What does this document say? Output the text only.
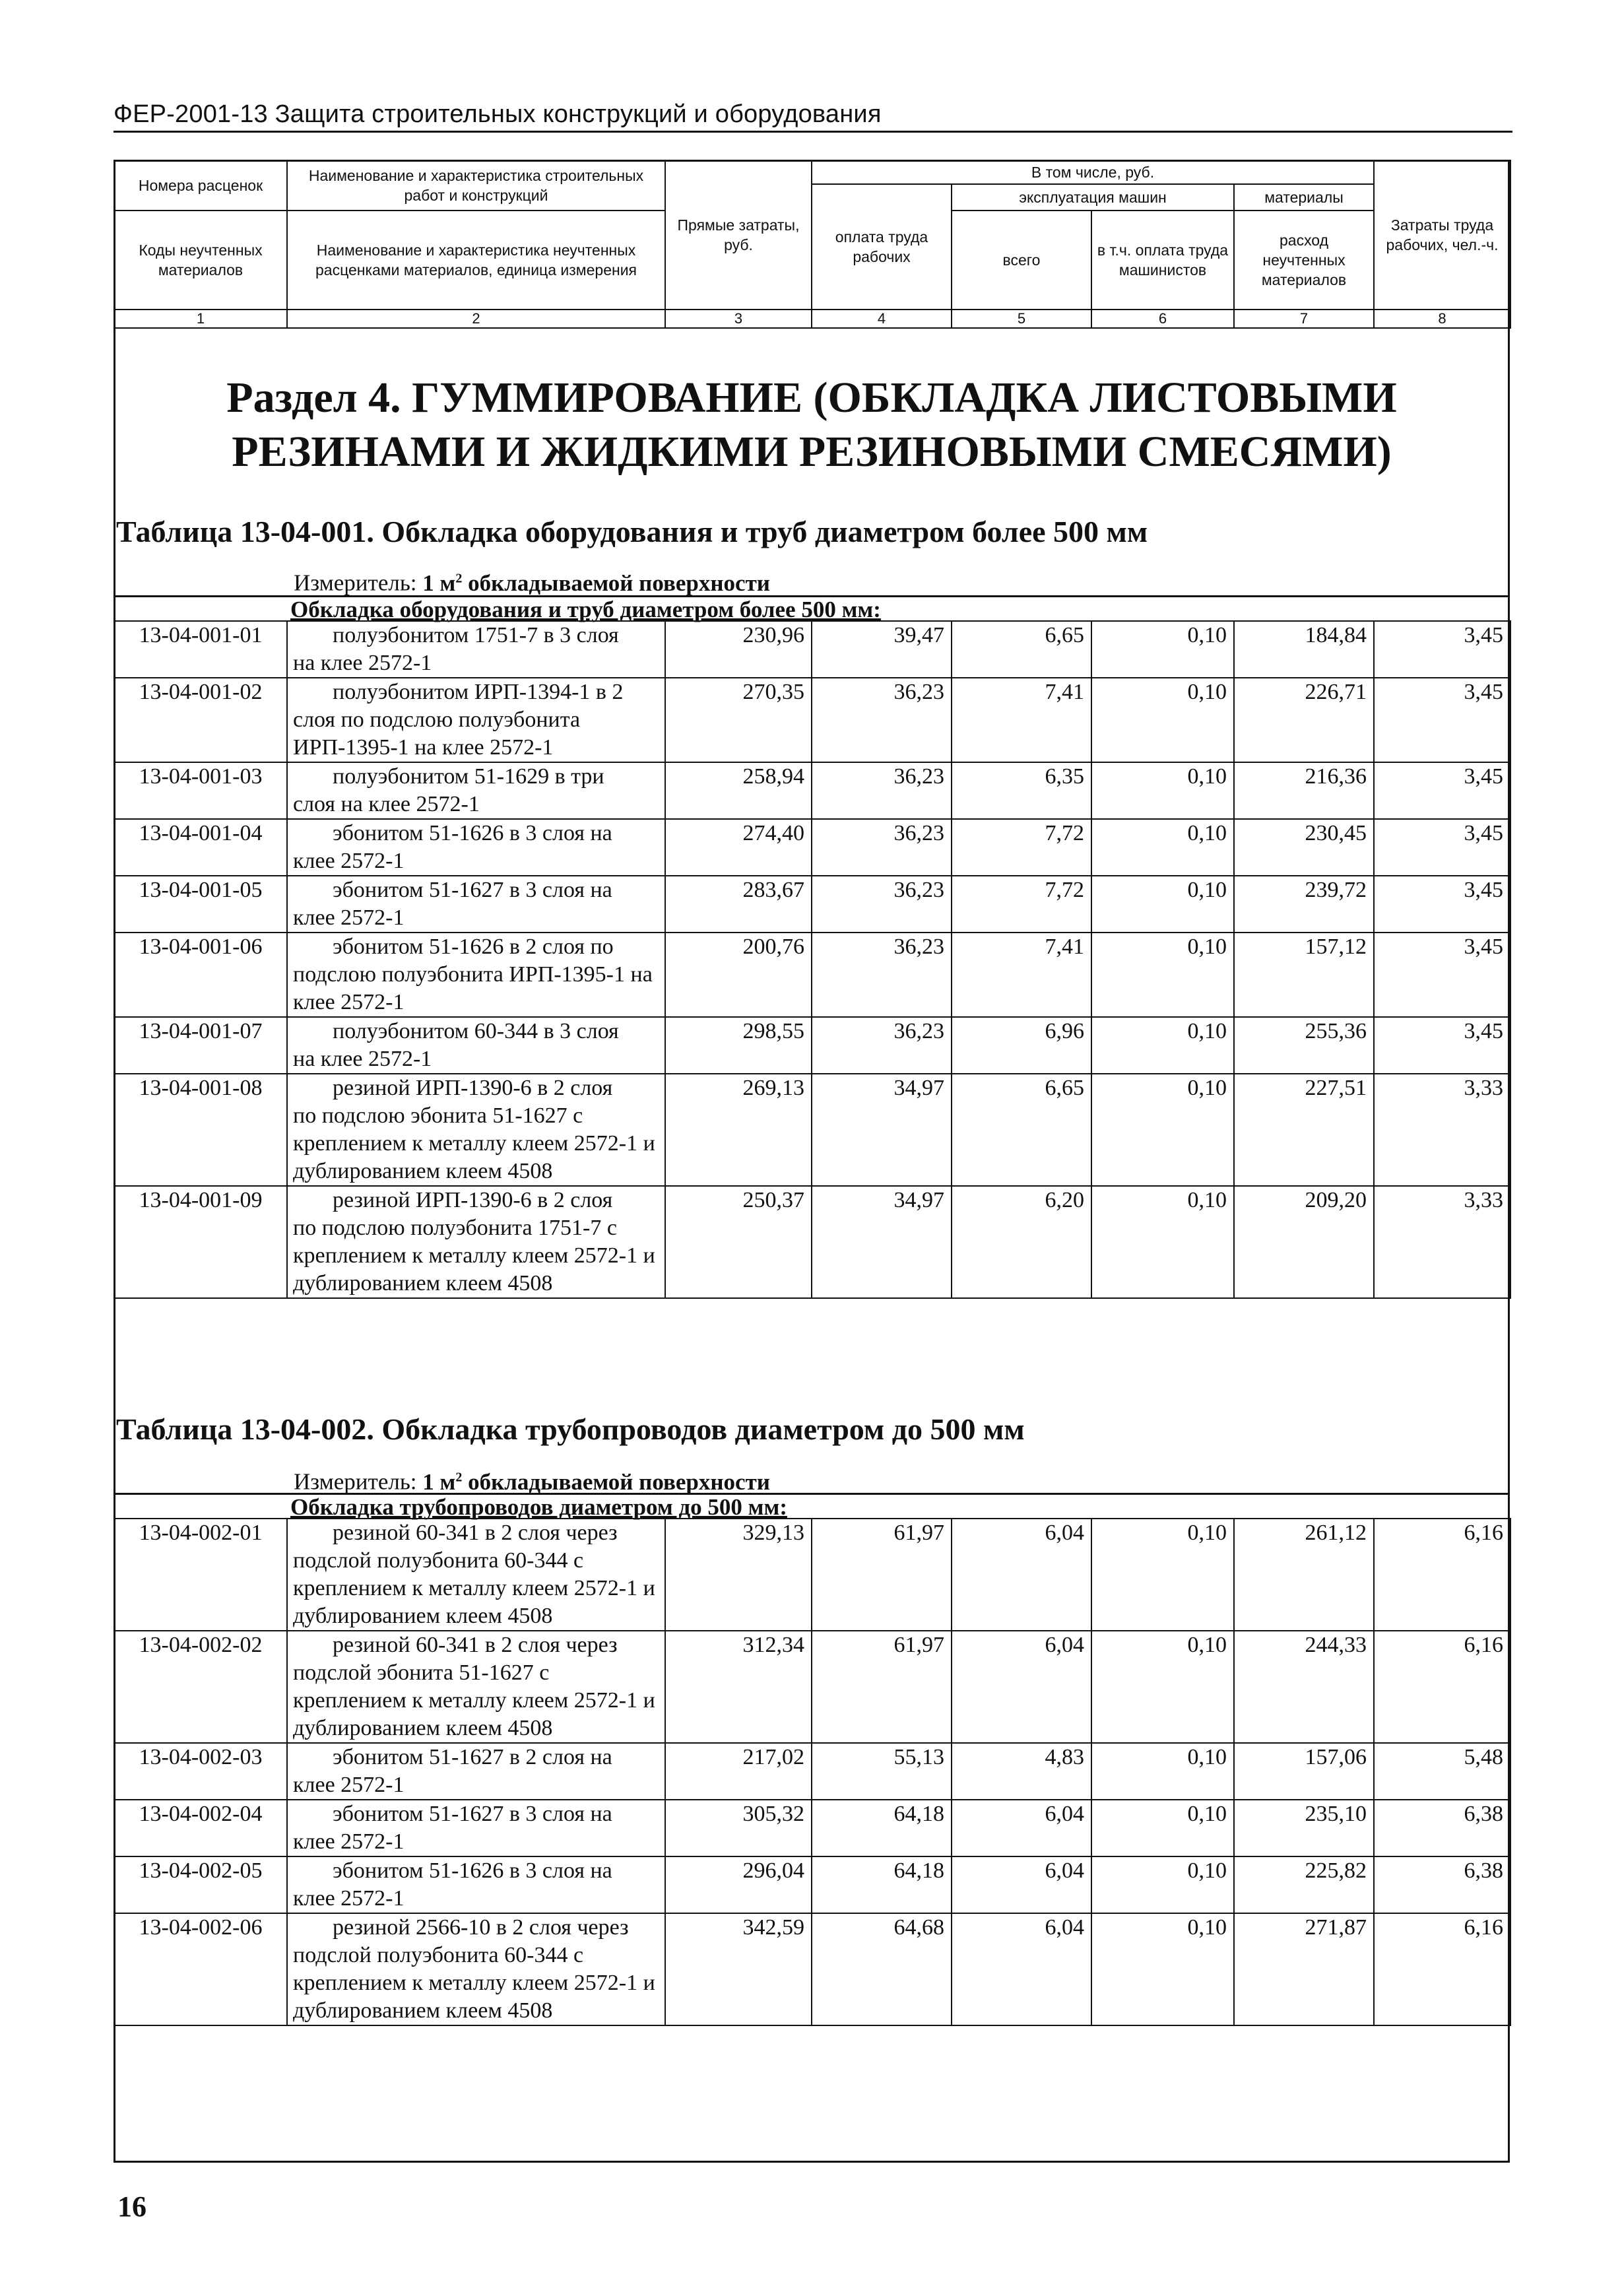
ФЕР-2001-13 Защита строительных конструкций и оборудования
Номера расценок	Наименование и характеристика строительных работ и конструкций	Прямые затраты, руб.	В том числе, руб.				Затраты труда рабочих, чел.-ч.
			оплата труда рабочих	эксплуатация машин		материалы	
Коды неучтенных материалов	Наименование и характеристика неучтенных расценками материалов, единица измерения			всего	в т.ч. оплата труда машинистов	расход неучтенных материалов	

1	2	3	4	5	6	7	8
Раздел 4. ГУММИРОВАНИЕ (ОБКЛАДКА ЛИСТОВЫМИ РЕЗИНАМИ И ЖИДКИМИ РЕЗИНОВЫМИ СМЕСЯМИ)
Таблица 13-04-001. Обкладка оборудования и труб диаметром более 500 мм
Измеритель: 1 $м^2$ обкладываемой поверхности
Обкладка оборудования и труб диаметром более 500 мм:
13-04-001-01	полуэбонитом 1751-7 в 3 слоя
на клее 2572-1	230,96	39,47	6,65	0,10	184,84	3,45
13-04-001-02	полуэбонитом ИРП-1394-1 в 2
слоя по подслою полуэбонита ИРП-1395-1 на клее 2572-1	270,35	36,23	7,41	0,10	226,71	3,45
13-04-001-03	полуэбонитом 51-1629 в три
слоя на клее 2572-1	258,94	36,23	6,35	0,10	216,36	3,45
13-04-001-04	эбонитом 51-1626 в 3 слоя на
клее 2572-1	274,40	36,23	7,72	0,10	230,45	3,45
13-04-001-05	эбонитом 51-1627 в 3 слоя на
клее 2572-1	283,67	36,23	7,72	0,10	239,72	3,45
13-04-001-06	эбонитом 51-1626 в 2 слоя по
подслою полуэбонита ИРП-1395-1 на клее 2572-1	200,76	36,23	7,41	0,10	157,12	3,45
13-04-001-07	полуэбонитом 60-344 в 3 слоя
на клее 2572-1	298,55	36,23	6,96	0,10	255,36	3,45
13-04-001-08	резиной ИРП-1390-6 в 2 слоя
по подслою эбонита 51-1627 с креплением к металлу клеем 2572-1 и дублированием клеем 4508	269,13	34,97	6,65	0,10	227,51	3,33
13-04-001-09	резиной ИРП-1390-6 в 2 слоя
по подслою полуэбонита 1751-7 с креплением к металлу клеем 2572-1 и дублированием клеем 4508	250,37	34,97	6,20	0,10	209,20	3,33
Таблица 13-04-002. Обкладка трубопроводов диаметром до 500 мм
Измеритель: 1 $м^2$ обкладываемой поверхности
Обкладка трубопроводов диаметром до 500 мм:
13-04-002-01	резиной 60-341 в 2 слоя через
подслой полуэбонита 60-344 с креплением к металлу клеем 2572-1 и дублированием клеем 4508	329,13	61,97	6,04	0,10	261,12	6,16
13-04-002-02	резиной 60-341 в 2 слоя через
подслой эбонита 51-1627 с креплением к металлу клеем 2572-1 и дублированием клеем 4508	312,34	61,97	6,04	0,10	244,33	6,16
13-04-002-03	эбонитом 51-1627 в 2 слоя на
клее 2572-1	217,02	55,13	4,83	0,10	157,06	5,48
13-04-002-04	эбонитом 51-1627 в 3 слоя на
клее 2572-1	305,32	64,18	6,04	0,10	235,10	6,38
13-04-002-05	эбонитом 51-1626 в 3 слоя на
клее 2572-1	296,04	64,18	6,04	0,10	225,82	6,38
13-04-002-06	резиной 2566-10 в 2 слоя через
подслой полуэбонита 60-344 с креплением к металлу клеем 2572-1 и дублированием клеем 4508	342,59	64,68	6,04	0,10	271,87	6,16
16
